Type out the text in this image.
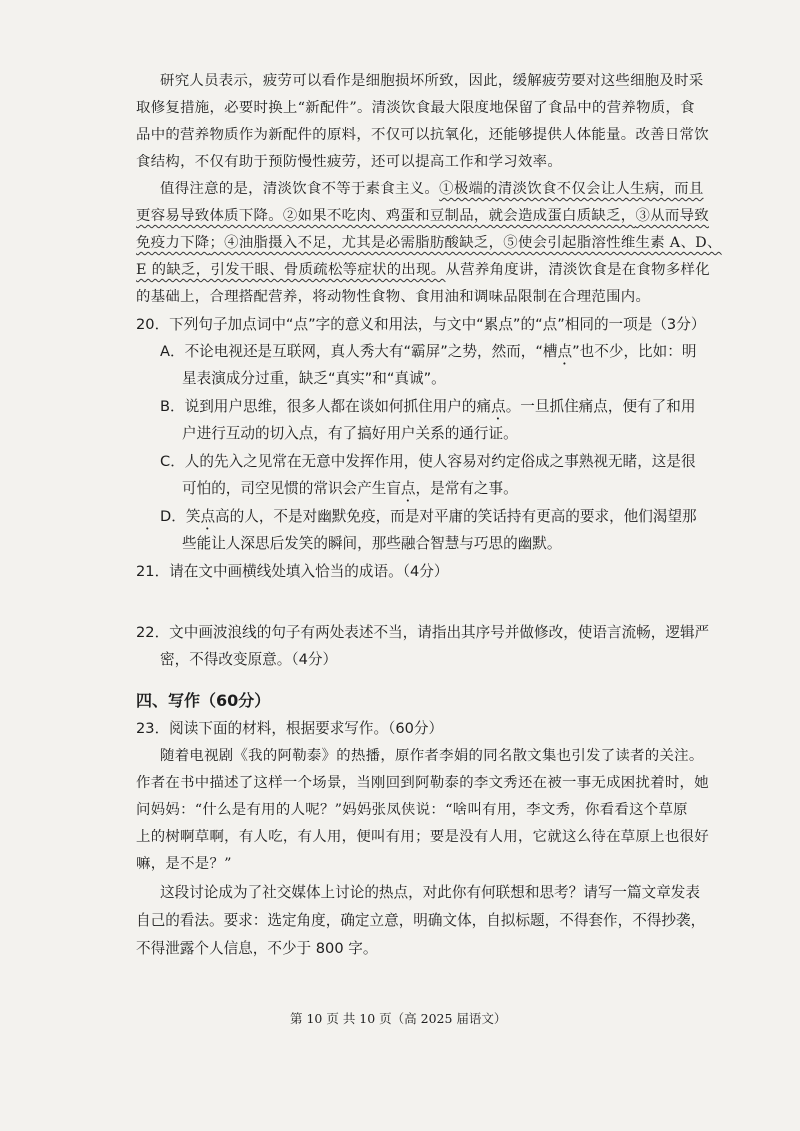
研究人员表示，疲劳可以看作是细胞损坏所致，因此，缓解疲劳要对这些细胞及时采
取修复措施，必要时换上“新配件”。清淡饮食最大限度地保留了食品中的营养物质，食
品中的营养物质作为新配件的原料，不仅可以抗氧化，还能够提供人体能量。改善日常饮
食结构，不仅有助于预防慢性疲劳，还可以提高工作和学习效率。
值得注意的是，清淡饮食不等于素食主义。①极端的清淡饮食不仅会让人生病，而且
更容易导致体质下降。②如果不吃肉、鸡蛋和豆制品，就会造成蛋白质缺乏，③从而导致
免疫力下降；④油脂摄入不足，尤其是必需脂肪酸缺乏，⑤使会引起脂溶性维生素 A、D、
E 的缺乏，引发干眼、骨质疏松等症状的出现。从营养角度讲，清淡饮食是在食物多样化
的基础上，合理搭配营养，将动物性食物、食用油和调味品限制在合理范围内。
20．下列句子加点词中“点”字的意义和用法，与文中“累点”的“点”相同的一项是（3分）
A．不论电视还是互联网，真人秀大有“霸屏”之势，然而，“槽点”也不少，比如：明
星表演成分过重，缺乏“真实”和“真诚”。
B．说到用户思维，很多人都在谈如何抓住用户的痛点。一旦抓住痛点，便有了和用
户进行互动的切入点，有了搞好用户关系的通行证。
C．人的先入之见常在无意中发挥作用，使人容易对约定俗成之事熟视无睹，这是很
可怕的，司空见惯的常识会产生盲点，是常有之事。
D．笑点高的人，不是对幽默免疫，而是对平庸的笑话持有更高的要求，他们渴望那
些能让人深思后发笑的瞬间，那些融合智慧与巧思的幽默。
21．请在文中画横线处填入恰当的成语。（4分）
22．文中画波浪线的句子有两处表述不当，请指出其序号并做修改，使语言流畅，逻辑严
密，不得改变原意。（4分）
四、写作（60分）
23．阅读下面的材料，根据要求写作。（60分）
随着电视剧《我的阿勒泰》的热播，原作者李娟的同名散文集也引发了读者的关注。
作者在书中描述了这样一个场景，当刚回到阿勒泰的李文秀还在被一事无成困扰着时，她
问妈妈：“什么是有用的人呢？”妈妈张凤侠说：“啥叫有用，李文秀，你看看这个草原
上的树啊草啊，有人吃，有人用，便叫有用；要是没有人用，它就这么待在草原上也很好
嘛，是不是？”
这段讨论成为了社交媒体上讨论的热点，对此你有何联想和思考？请写一篇文章发表
自己的看法。要求：选定角度，确定立意，明确文体，自拟标题，不得套作，不得抄袭，
不得泄露个人信息，不少于 800 字。
第 10 页 共 10 页（高 2025 届语文）
